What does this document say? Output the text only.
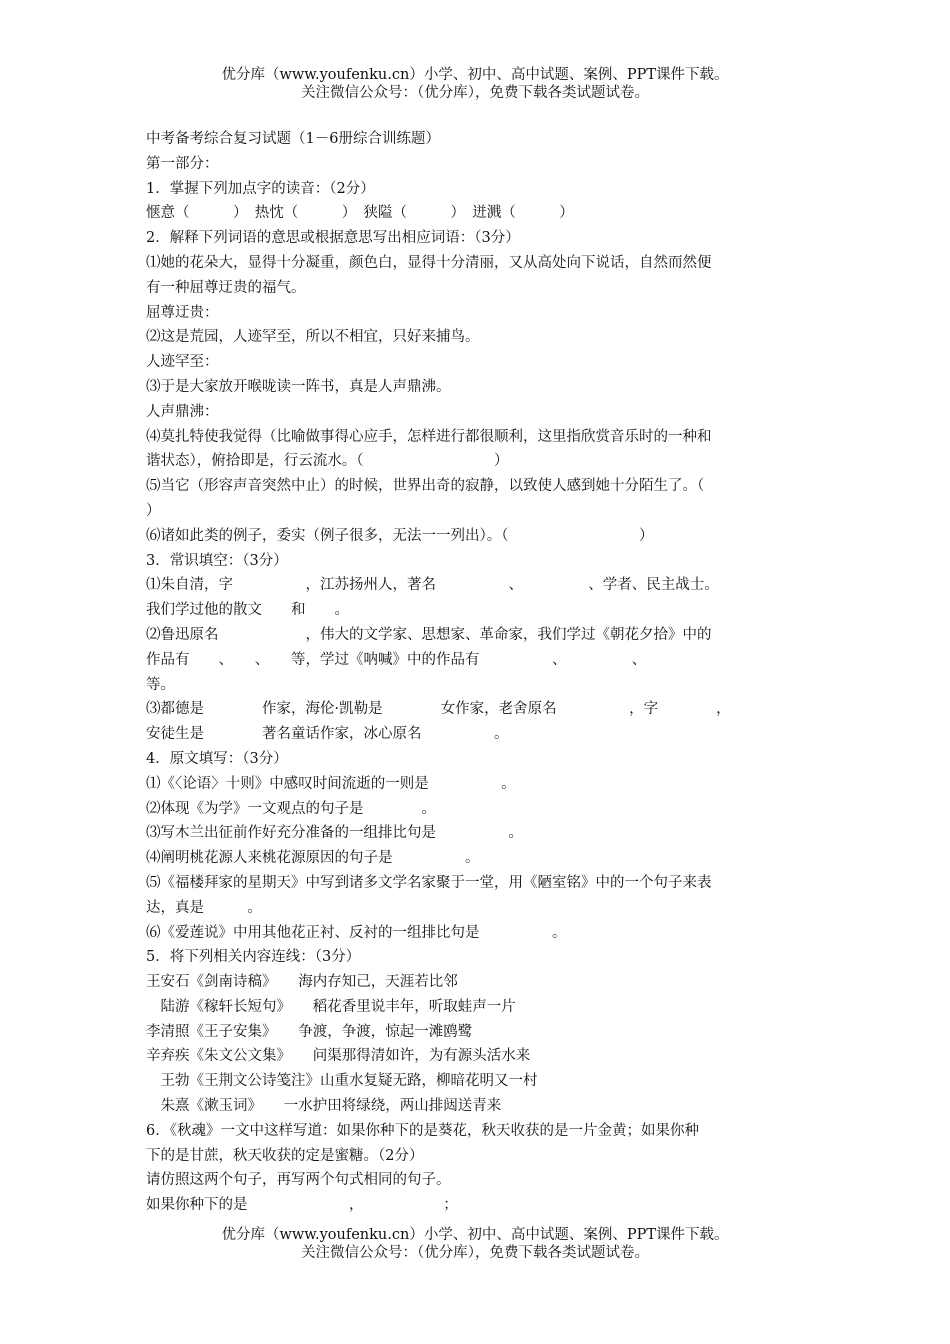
优分库（www.youfenku.cn）小学、初中、高中试题、案例、PPT课件下载。
关注微信公众号：（优分库），免费下载各类试题试卷。
中考备考综合复习试题（1－6册综合训练题）
第一部分：
1．掌握下列加点字的读音：（2分）
惬意（　　　）　热忱（　　　）　狭隘（　　　）　迸溅（　　　）
2．解释下列词语的意思或根据意思写出相应词语：（3分）
⑴她的花朵大，显得十分凝重，颜色白，显得十分清丽，又从高处向下说话，自然而然便
有一种屈尊迂贵的福气。
屈尊迂贵：
⑵这是荒园，人迹罕至，所以不相宜，只好来捕鸟。
人迹罕至：
⑶于是大家放开喉咙读一阵书，真是人声鼎沸。
人声鼎沸：
⑷莫扎特使我觉得（比喻做事得心应手，怎样进行都很顺利，这里指欣赏音乐时的一种和
谐状态），俯拾即是，行云流水。（　　　　　　　　　）
⑸当它（形容声音突然中止）的时候，世界出奇的寂静，以致使人感到她十分陌生了。（
）
⑹诸如此类的例子，委实（例子很多，无法一一列出）。（　　　　　　　　　）
3．常识填空：（3分）
⑴朱自清，字　　　　　，江苏扬州人，著名　　　　　、　　　　　、学者、民主战士。
我们学过他的散文　　和　　。
⑵鲁迅原名　　　　　　，伟大的文学家、思想家、革命家，我们学过《朝花夕拾》中的
作品有　　、　　、　　等，学过《呐喊》中的作品有　　　　　、　　　　　、
等。
⑶都德是　　　　作家，海伦·凯勒是　　　　女作家，老舍原名　　　　　，字　　　　，
安徒生是　　　　著名童话作家，冰心原名　　　　　。
4．原文填写：（3分）
⑴《〈论语〉十则》中感叹时间流逝的一则是　　　　　。
⑵体现《为学》一文观点的句子是　　　　。
⑶写木兰出征前作好充分准备的一组排比句是　　　　　。
⑷阐明桃花源人来桃花源原因的句子是　　　　　。
⑸《福楼拜家的星期天》中写到诸多文学名家聚于一堂，用《陋室铭》中的一个句子来表
达，真是　　　。
⑹《爱莲说》中用其他花正衬、反衬的一组排比句是　　　　　。
5．将下列相关内容连线：（3分）
王安石《剑南诗稿》　　海内存知己，天涯若比邻
　陆游《稼轩长短句》　　稻花香里说丰年，听取蛙声一片
李清照《王子安集》　　争渡，争渡，惊起一滩鸥鹭
辛弃疾《朱文公文集》　　问渠那得清如许，为有源头活水来
　王勃《王荆文公诗笺注》山重水复疑无路，柳暗花明又一村
　朱熹《漱玉词》　　一水护田将绿绕，两山排闼送青来
6．《秋魂》一文中这样写道：如果你种下的是葵花，秋天收获的是一片金黄；如果你种
下的是甘蔗，秋天收获的定是蜜糖。（2分）
请仿照这两个句子，再写两个句式相同的句子。
如果你种下的是　　　　　　　，　　　　　　；
优分库（www.youfenku.cn）小学、初中、高中试题、案例、PPT课件下载。
关注微信公众号：（优分库），免费下载各类试题试卷。
